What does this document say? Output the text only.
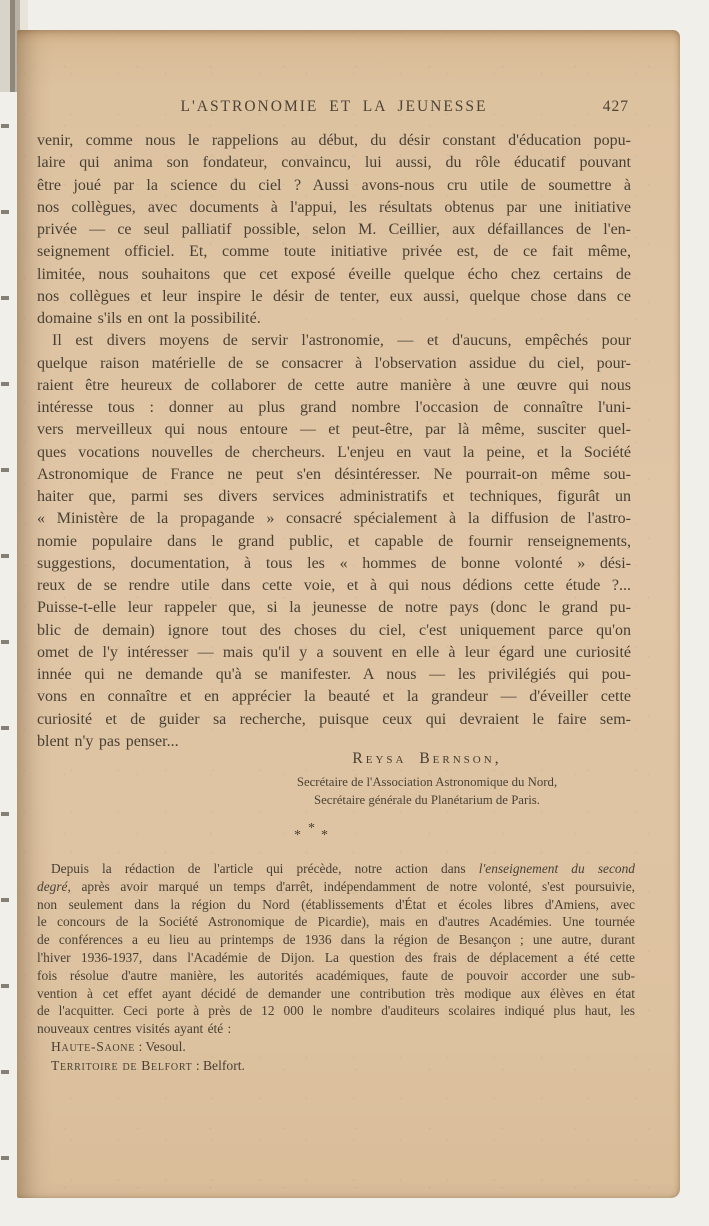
L'ASTRONOMIE ET LA JEUNESSE	427
venir, comme nous le rappelions au début, du désir constant d'éducation popu-
laire qui anima son fondateur, convaincu, lui aussi, du rôle éducatif pouvant
être joué par la science du ciel ? Aussi avons-nous cru utile de soumettre à
nos collègues, avec documents à l'appui, les résultats obtenus par une initiative
privée — ce seul palliatif possible, selon M. Ceillier, aux défaillances de l'en-
seignement officiel. Et, comme toute initiative privée est, de ce fait même,
limitée, nous souhaitons que cet exposé éveille quelque écho chez certains de
nos collègues et leur inspire le désir de tenter, eux aussi, quelque chose dans ce
domaine s'ils en ont la possibilité.
Il est divers moyens de servir l'astronomie, — et d'aucuns, empêchés pour
quelque raison matérielle de se consacrer à l'observation assidue du ciel, pour-
raient être heureux de collaborer de cette autre manière à une œuvre qui nous
intéresse tous : donner au plus grand nombre l'occasion de connaître l'uni-
vers merveilleux qui nous entoure — et peut-être, par là même, susciter quel-
ques vocations nouvelles de chercheurs. L'enjeu en vaut la peine, et la Société
Astronomique de France ne peut s'en désintéresser. Ne pourrait-on même sou-
haiter que, parmi ses divers services administratifs et techniques, figurât un
« Ministère de la propagande » consacré spécialement à la diffusion de l'astro-
nomie populaire dans le grand public, et capable de fournir renseignements,
suggestions, documentation, à tous les « hommes de bonne volonté » dési-
reux de se rendre utile dans cette voie, et à qui nous dédions cette étude ?...
Puisse-t-elle leur rappeler que, si la jeunesse de notre pays (donc le grand pu-
blic de demain) ignore tout des choses du ciel, c'est uniquement parce qu'on
omet de l'y intéresser — mais qu'il y a souvent en elle à leur égard une curiosité
innée qui ne demande qu'à se manifester. A nous — les privilégiés qui pou-
vons en connaître et en apprécier la beauté et la grandeur — d'éveiller cette
curiosité et de guider sa recherche, puisque ceux qui devraient le faire sem-
blent n'y pas penser...
Reysa Bernson,
Secrétaire de l'Association Astronomique du Nord,
Secrétaire générale du Planétarium de Paris.
*
* *
Depuis la rédaction de l'article qui précède, notre action dans l'enseignement du second
degré, après avoir marqué un temps d'arrêt, indépendamment de notre volonté, s'est poursuivie,
non seulement dans la région du Nord (établissements d'État et écoles libres d'Amiens, avec
le concours de la Société Astronomique de Picardie), mais en d'autres Académies. Une tournée
de conférences a eu lieu au printemps de 1936 dans la région de Besançon ; une autre, durant
l'hiver 1936-1937, dans l'Académie de Dijon. La question des frais de déplacement a été cette
fois résolue d'autre manière, les autorités académiques, faute de pouvoir accorder une sub-
vention à cet effet ayant décidé de demander une contribution très modique aux élèves en état
de l'acquitter. Ceci porte à près de 12 000 le nombre d'auditeurs scolaires indiqué plus haut, les
nouveaux centres visités ayant été :
Haute-Saone : Vesoul.
Territoire de Belfort : Belfort.
